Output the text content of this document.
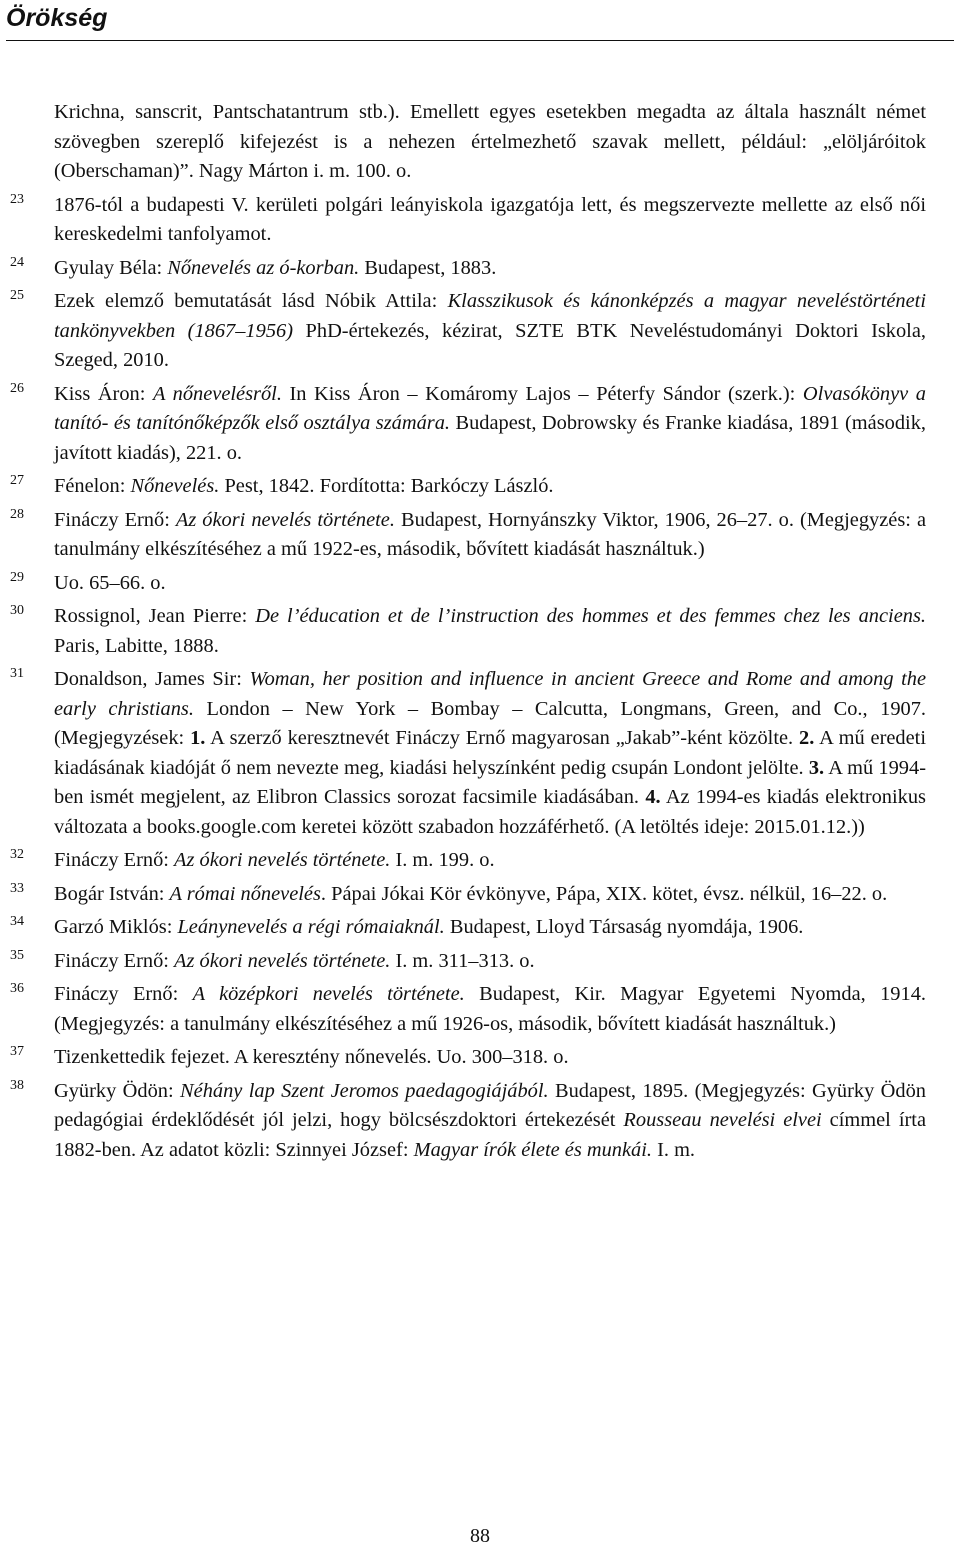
Örökség
Krichna, sanscrit, Pantschatantrum stb.). Emellett egyes esetekben megadta az általa használt német szövegben szereplő kifejezést is a nehezen értelmezhető szavak mellett, például: „elöljáróitok (Oberschaman)”. Nagy Márton i. m. 100. o.
23 1876-tól a budapesti V. kerületi polgári leányiskola igazgatója lett, és megszervezte mellette az első női kereskedelmi tanfolyamot.
24 Gyulay Béla: Nőnevelés az ó-korban. Budapest, 1883.
25 Ezek elemző bemutatását lásd Nóbik Attila: Klasszikusok és kánonképzés a magyar neveléstörténeti tankönyvekben (1867–1956) PhD-értekezés, kézirat, SZTE BTK Neveléstudományi Doktori Iskola, Szeged, 2010.
26 Kiss Áron: A nőnevelésről. In Kiss Áron – Komáromy Lajos – Péterfy Sándor (szerk.): Olvasókönyv a tanító- és tanítónőképzők első osztálya számára. Budapest, Dobrowsky és Franke kiadása, 1891 (második, javított kiadás), 221. o.
27 Fénelon: Nőnevelés. Pest, 1842. Fordította: Barkóczy László.
28 Fináczy Ernő: Az ókori nevelés története. Budapest, Hornyánszky Viktor, 1906, 26–27. o. (Megjegyzés: a tanulmány elkészítéséhez a mű 1922-es, második, bővített kiadását használtuk.)
29 Uo. 65–66. o.
30 Rossignol, Jean Pierre: De l’éducation et de l’instruction des hommes et des femmes chez les anciens. Paris, Labitte, 1888.
31 Donaldson, James Sir: Woman, her position and influence in ancient Greece and Rome and among the early christians. London – New York – Bombay – Calcutta, Longmans, Green, and Co., 1907. (Megjegyzések: 1. A szerző keresztnevét Fináczy Ernő magyarosan „Jakab”-ként közölte. 2. A mű eredeti kiadásának kiadóját ő nem nevezte meg, kiadási helyszínként pedig csupán Londont jelölte. 3. A mű 1994-ben ismét megjelent, az Elibron Classics sorozat facsimile kiadásában. 4. Az 1994-es kiadás elektronikus változata a books.google.com keretei között szabadon hozzáférhető. (A letöltés ideje: 2015.01.12.))
32 Fináczy Ernő: Az ókori nevelés története. I. m. 199. o.
33 Bogár István: A római nőnevelés. Pápai Jókai Kör évkönyve, Pápa, XIX. kötet, évsz. nélkül, 16–22. o.
34 Garzó Miklós: Leánynevelés a régi rómaiaknál. Budapest, Lloyd Társaság nyomdája, 1906.
35 Fináczy Ernő: Az ókori nevelés története. I. m. 311–313. o.
36 Fináczy Ernő: A középkori nevelés története. Budapest, Kir. Magyar Egyetemi Nyomda, 1914. (Megjegyzés: a tanulmány elkészítéséhez a mű 1926-os, második, bővített kiadását használtuk.)
37 Tizenkettedik fejezet. A keresztény nőnevelés. Uo. 300–318. o.
38 Gyürky Ödön: Néhány lap Szent Jeromos paedagogiájából. Budapest, 1895. (Megjegyzés: Gyürky Ödön pedagógiai érdeklődését jól jelzi, hogy bölcsészdoktori értekezését Rousseau nevelési elvei címmel írta 1882-ben. Az adatot közli: Szinnyei József: Magyar írók élete és munkái. I. m.
88
